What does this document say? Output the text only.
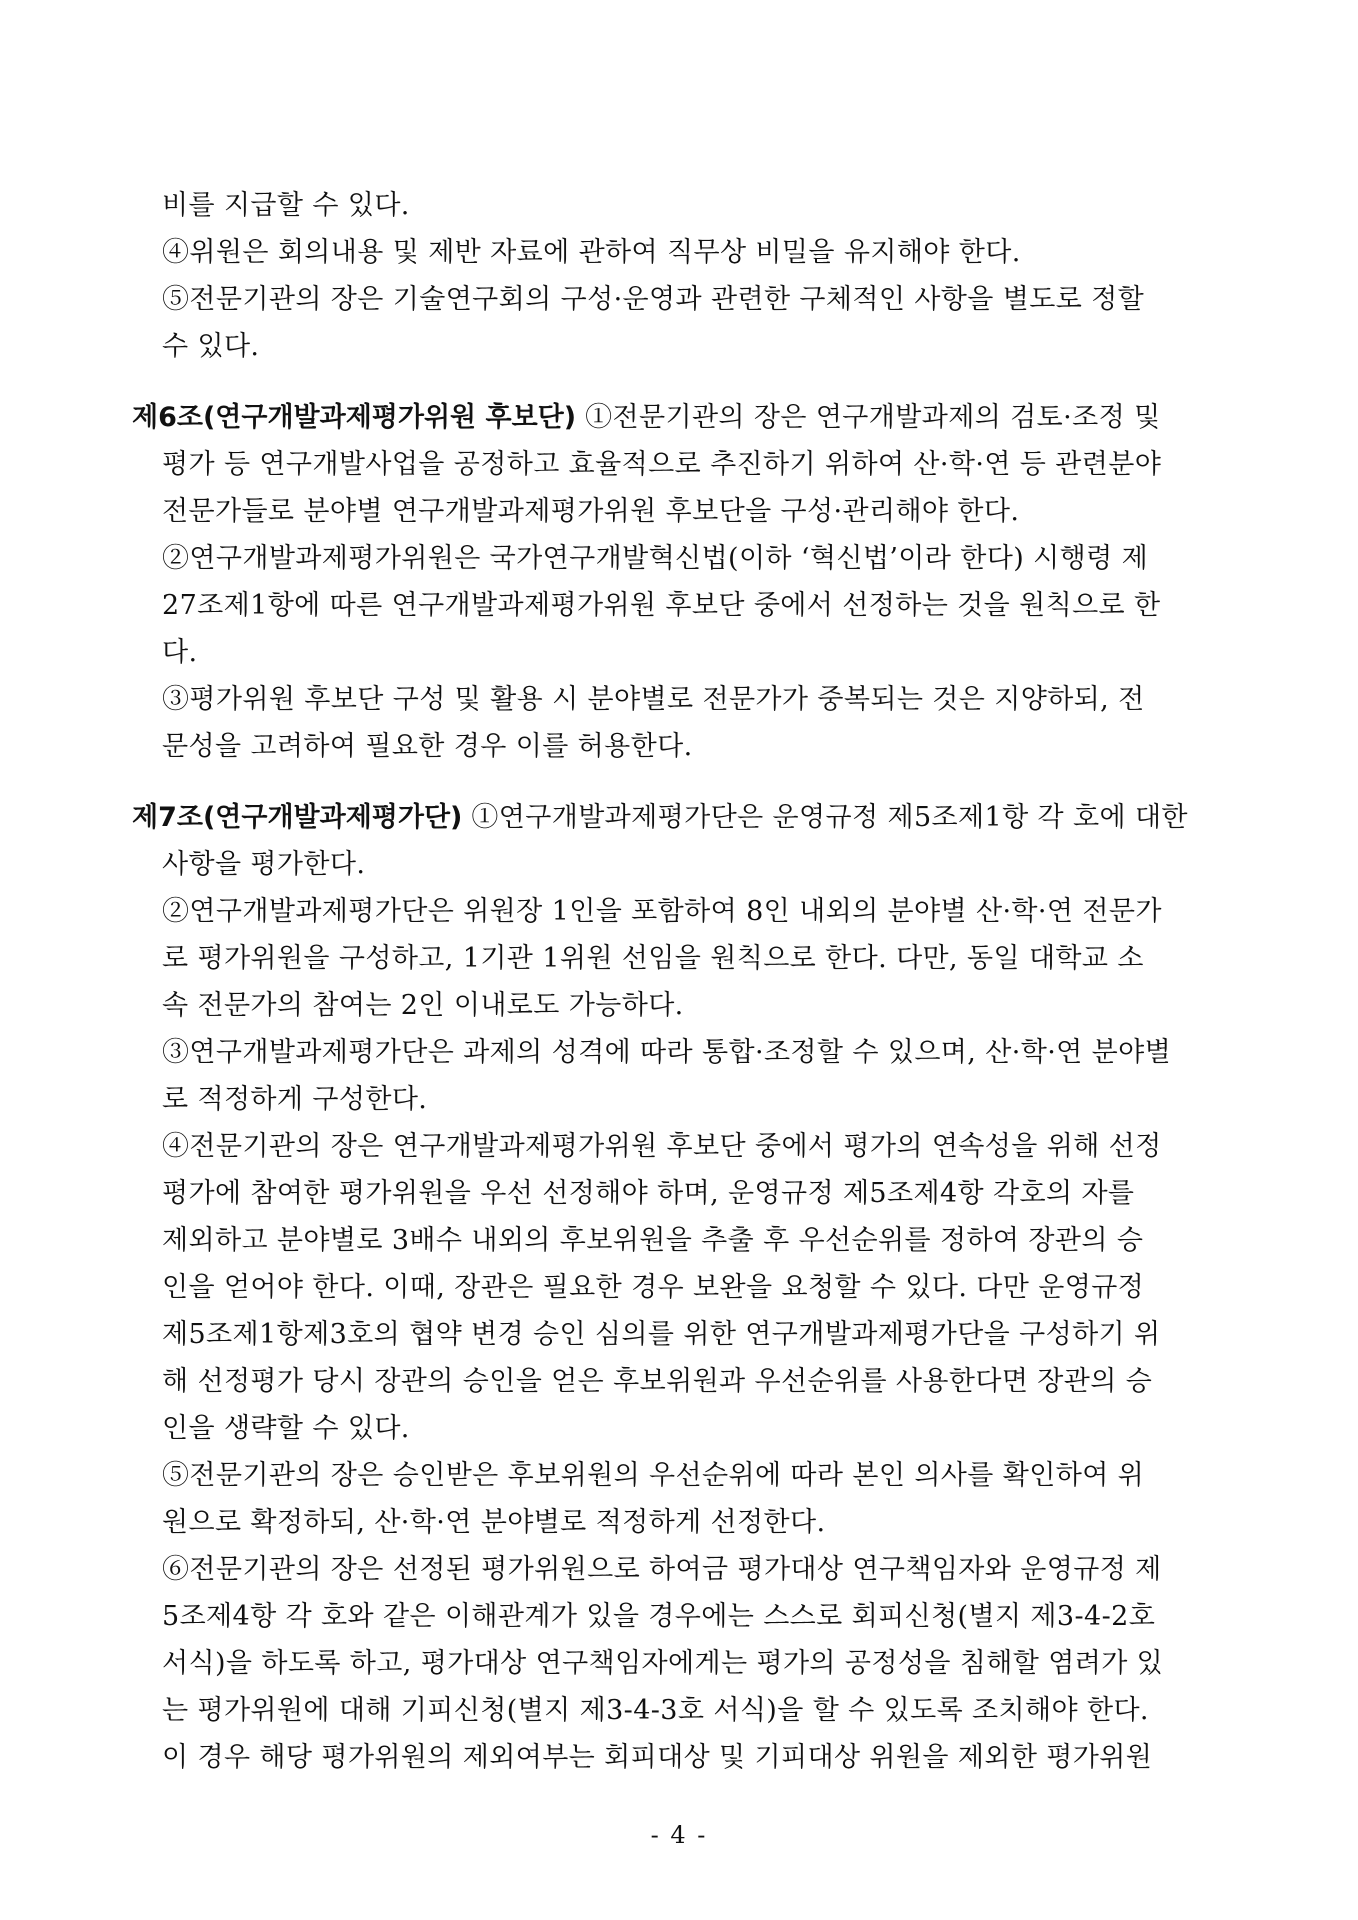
비를 지급할 수 있다.
④위원은 회의내용 및 제반 자료에 관하여 직무상 비밀을 유지해야 한다.
⑤전문기관의 장은 기술연구회의 구성·운영과 관련한 구체적인 사항을 별도로 정할
수 있다.
제6조(연구개발과제평가위원 후보단) ①전문기관의 장은 연구개발과제의 검토·조정 및
평가 등 연구개발사업을 공정하고 효율적으로 추진하기 위하여 산·학·연 등 관련분야
전문가들로 분야별 연구개발과제평가위원 후보단을 구성·관리해야 한다.
②연구개발과제평가위원은 국가연구개발혁신법(이하 ‘혁신법’이라 한다) 시행령 제
27조제1항에 따른 연구개발과제평가위원 후보단 중에서 선정하는 것을 원칙으로 한
다.
③평가위원 후보단 구성 및 활용 시 분야별로 전문가가 중복되는 것은 지양하되, 전
문성을 고려하여 필요한 경우 이를 허용한다.
제7조(연구개발과제평가단) ①연구개발과제평가단은 운영규정 제5조제1항 각 호에 대한
사항을 평가한다.
②연구개발과제평가단은 위원장 1인을 포함하여 8인 내외의 분야별 산·학·연 전문가
로 평가위원을 구성하고, 1기관 1위원 선임을 원칙으로 한다. 다만, 동일 대학교 소
속 전문가의 참여는 2인 이내로도 가능하다.
③연구개발과제평가단은 과제의 성격에 따라 통합·조정할 수 있으며, 산·학·연 분야별
로 적정하게 구성한다.
④전문기관의 장은 연구개발과제평가위원 후보단 중에서 평가의 연속성을 위해 선정
평가에 참여한 평가위원을 우선 선정해야 하며, 운영규정 제5조제4항 각호의 자를
제외하고 분야별로 3배수 내외의 후보위원을 추출 후 우선순위를 정하여 장관의 승
인을 얻어야 한다. 이때, 장관은 필요한 경우 보완을 요청할 수 있다. 다만 운영규정
제5조제1항제3호의 협약 변경 승인 심의를 위한 연구개발과제평가단을 구성하기 위
해 선정평가 당시 장관의 승인을 얻은 후보위원과 우선순위를 사용한다면 장관의 승
인을 생략할 수 있다.
⑤전문기관의 장은 승인받은 후보위원의 우선순위에 따라 본인 의사를 확인하여 위
원으로 확정하되, 산·학·연 분야별로 적정하게 선정한다.
⑥전문기관의 장은 선정된 평가위원으로 하여금 평가대상 연구책임자와 운영규정 제
5조제4항 각 호와 같은 이해관계가 있을 경우에는 스스로 회피신청(별지 제3-4-2호
서식)을 하도록 하고, 평가대상 연구책임자에게는 평가의 공정성을 침해할 염려가 있
는 평가위원에 대해 기피신청(별지 제3-4-3호 서식)을 할 수 있도록 조치해야 한다.
이 경우 해당 평가위원의 제외여부는 회피대상 및 기피대상 위원을 제외한 평가위원
- 4 -
